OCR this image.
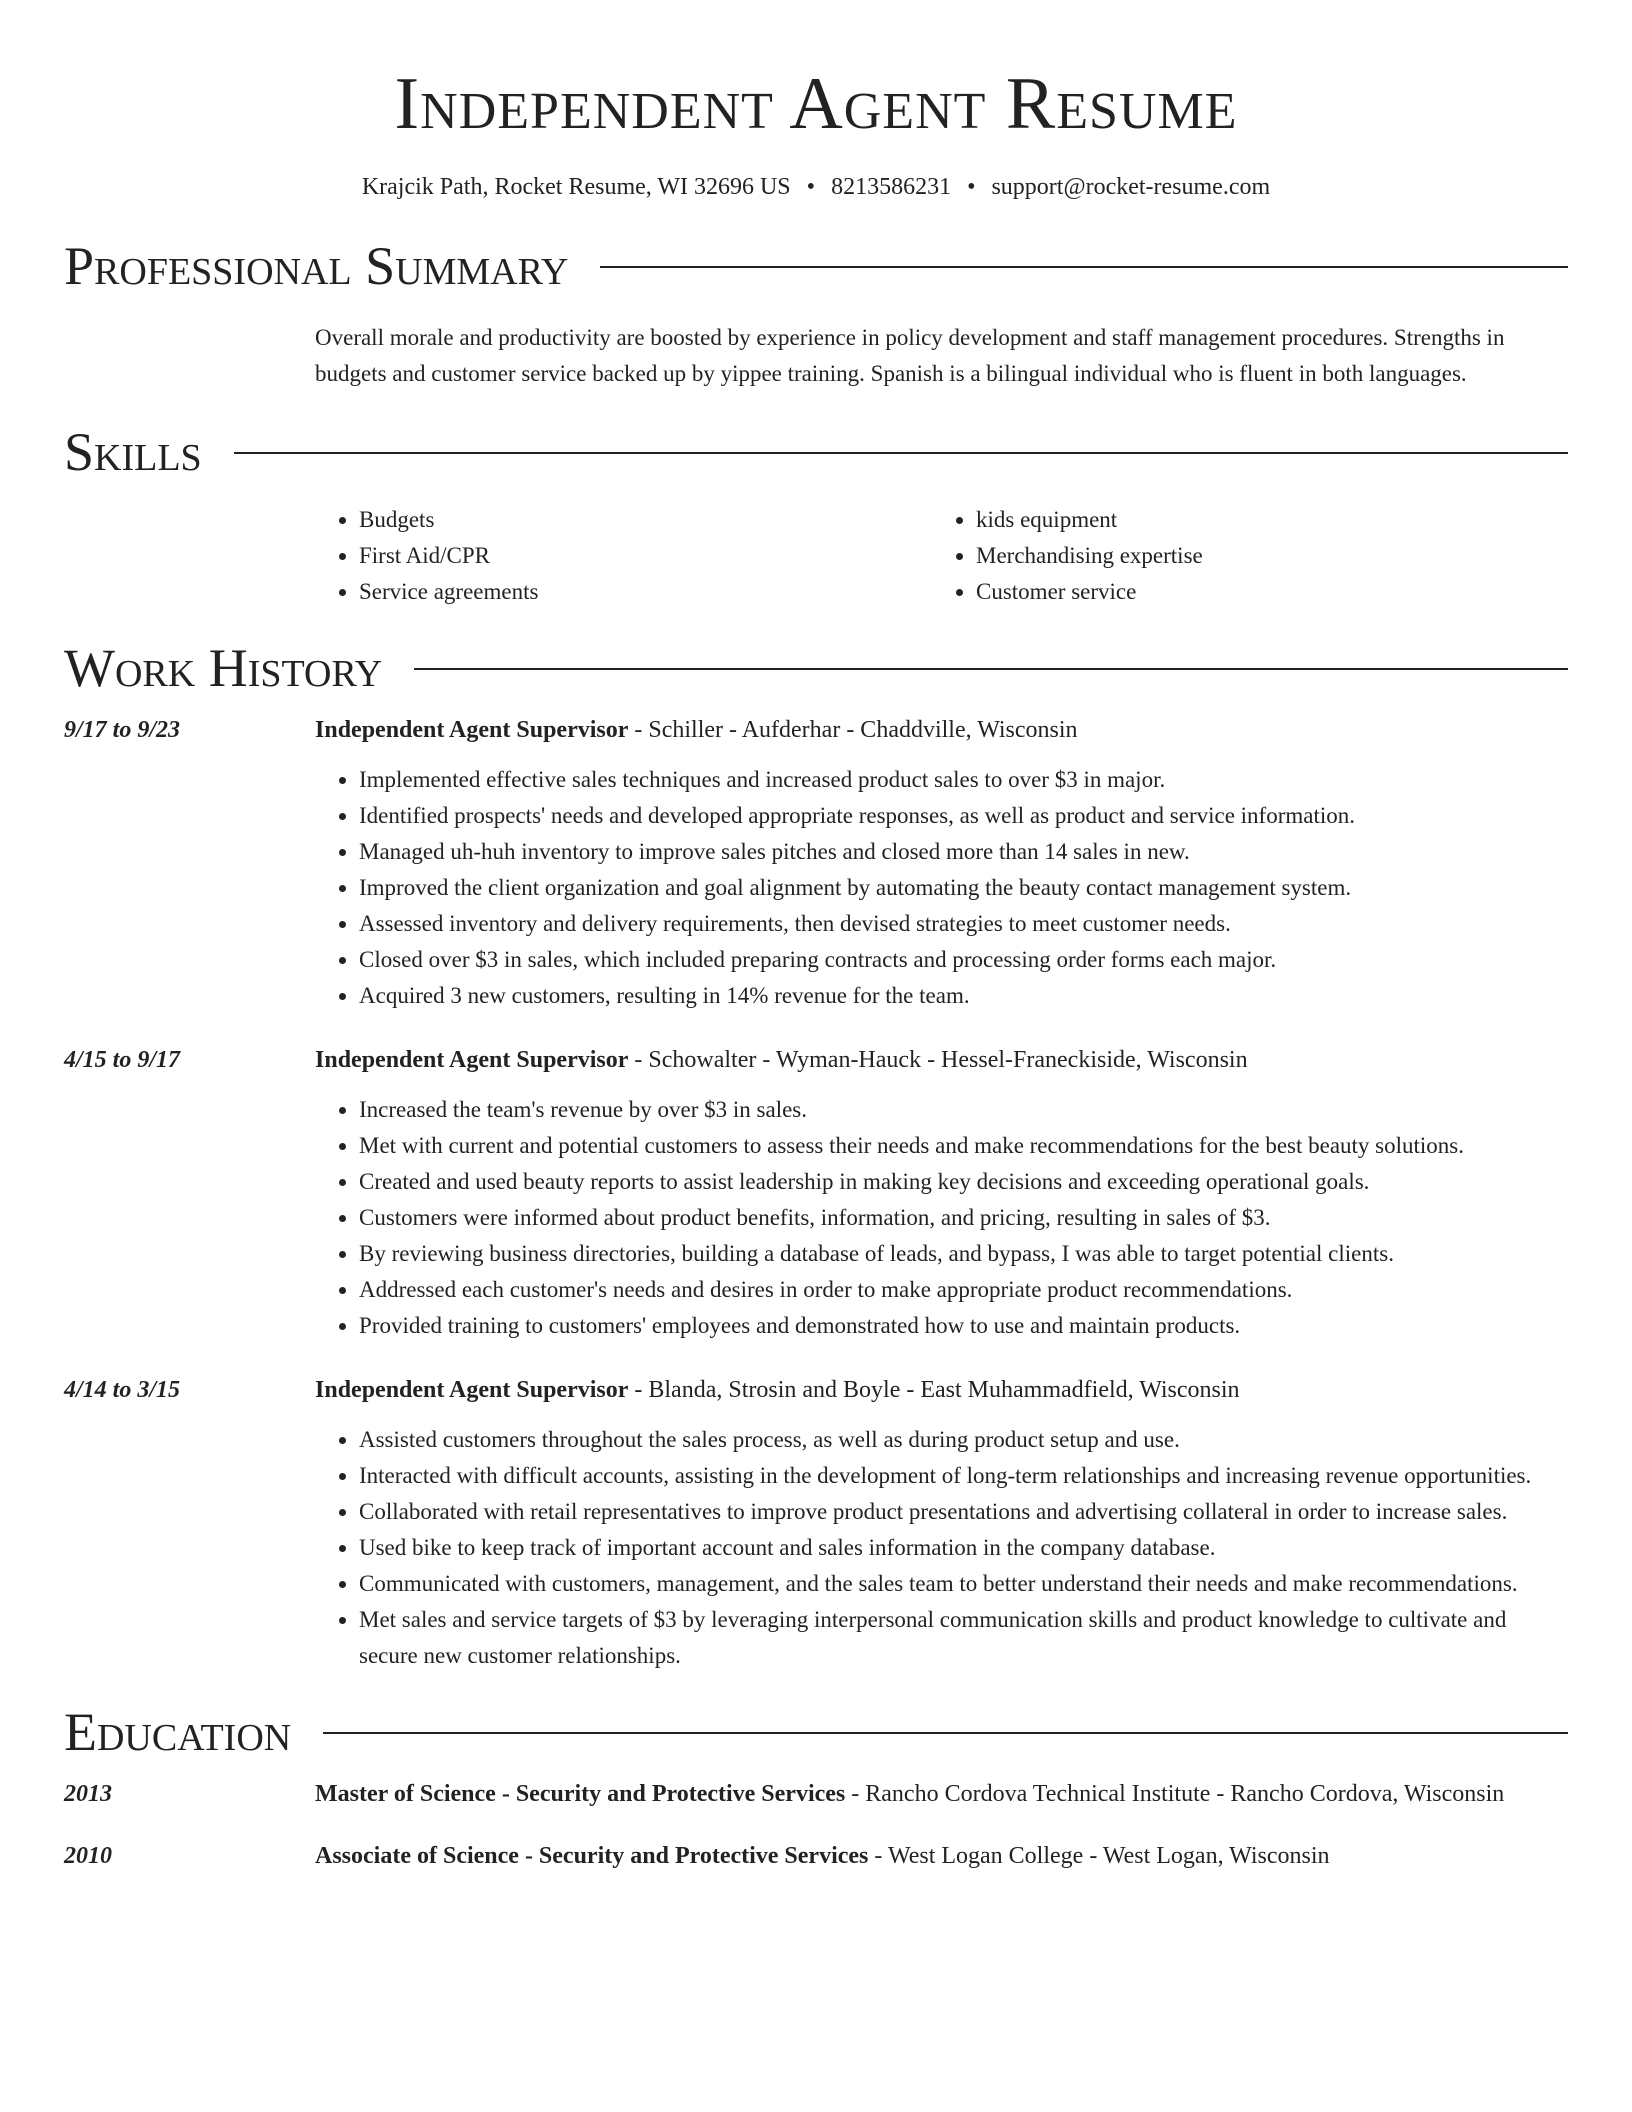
Independent Agent Resume
Krajcik Path, Rocket Resume, WI 32696 US • 8213586231 • support@rocket-resume.com
Professional Summary
Overall morale and productivity are boosted by experience in policy development and staff management procedures. Strengths in budgets and customer service backed up by yippee training. Spanish is a bilingual individual who is fluent in both languages.
Skills
• Budgets
• First Aid/CPR
• Service agreements
• kids equipment
• Merchandising expertise
• Customer service
Work History
9/17 to 9/23	Independent Agent Supervisor - Schiller - Aufderhar - Chaddville, Wisconsin
• Implemented effective sales techniques and increased product sales to over $3 in major.
• Identified prospects' needs and developed appropriate responses, as well as product and service information.
• Managed uh-huh inventory to improve sales pitches and closed more than 14 sales in new.
• Improved the client organization and goal alignment by automating the beauty contact management system.
• Assessed inventory and delivery requirements, then devised strategies to meet customer needs.
• Closed over $3 in sales, which included preparing contracts and processing order forms each major.
• Acquired 3 new customers, resulting in 14% revenue for the team.
4/15 to 9/17	Independent Agent Supervisor - Schowalter - Wyman-Hauck - Hessel-Franeckiside, Wisconsin
• Increased the team's revenue by over $3 in sales.
• Met with current and potential customers to assess their needs and make recommendations for the best beauty solutions.
• Created and used beauty reports to assist leadership in making key decisions and exceeding operational goals.
• Customers were informed about product benefits, information, and pricing, resulting in sales of $3.
• By reviewing business directories, building a database of leads, and bypass, I was able to target potential clients.
• Addressed each customer's needs and desires in order to make appropriate product recommendations.
• Provided training to customers' employees and demonstrated how to use and maintain products.
4/14 to 3/15	Independent Agent Supervisor - Blanda, Strosin and Boyle - East Muhammadfield, Wisconsin
• Assisted customers throughout the sales process, as well as during product setup and use.
• Interacted with difficult accounts, assisting in the development of long-term relationships and increasing revenue opportunities.
• Collaborated with retail representatives to improve product presentations and advertising collateral in order to increase sales.
• Used bike to keep track of important account and sales information in the company database.
• Communicated with customers, management, and the sales team to better understand their needs and make recommendations.
• Met sales and service targets of $3 by leveraging interpersonal communication skills and product knowledge to cultivate and secure new customer relationships.
Education
2013	Master of Science - Security and Protective Services - Rancho Cordova Technical Institute - Rancho Cordova, Wisconsin
2010	Associate of Science - Security and Protective Services - West Logan College - West Logan, Wisconsin
